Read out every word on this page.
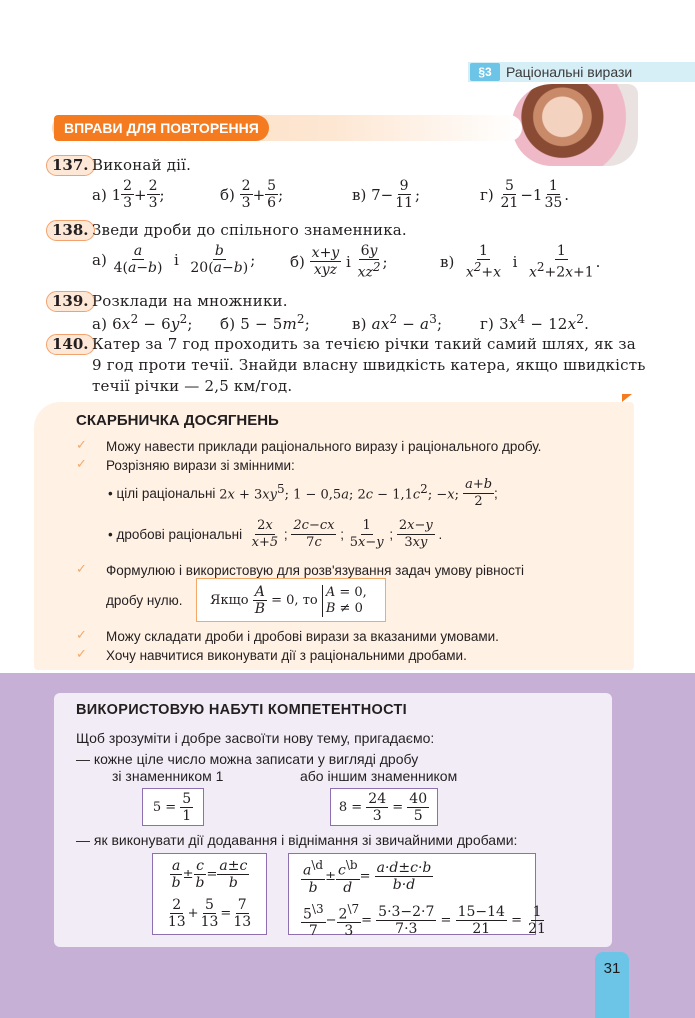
§3	Раціональні вирази
ВПРАВИ ДЛЯ ПОВТОРЕННЯ
137. Виконай дії.
а) 1 2
3 + 2
3 ;	б)
2
3 + 5
6 ;	в) 7− 9
11 ;	г)
5
21 −1 1
35 .
138. Зведи дроби до спільного знаменника.
а)
a
4(a−b)
і
	b
20(a−b) ; б)
x+y
xyz
і

6y
$xz^2$ ;	в)

1
$x^2+x$

і

1
$x^2+2x+1$
.
139. Розклади на множники.
а) $6x^2 - 6y^2$; б) $5 - 5m^2$;	в) $ax^2 - a^3$;	г) $3x^4 - 12x^2$.
140. Катер за 7 год проходить за течією річки такий самий шлях, як за
9 год проти течії. Знайди власну швидкість катера, якщо швидкість
течії річки — 2,5 км/год.
СКАРБНИЧКА ДОСЯГНЕНЬ
✓ Можу навести приклади раціонального виразу і раціонального дробу.
✓ Розрізняю вирази зі змінними:
• цілі раціональні
$2x + 3xy^5$; 1 − 0,5a; $2c - 1,1c^2$; −x;
a+b
2
;
• дробові раціональні

2x
x+5
;
2c−cx
7c
;
1
5x−y
;
2x−y
3xy
.
✓ Формулюю і використовую для розв'язування задач умову рівності
дробу нулю. Якщо

A
B
= 0, то

A = 0,
B ≠ 0
✓ Можу складати дроби і дробові вирази за вказаними умовами.
✓ Хочу навчитися виконувати дії з раціональними дробами.
ВИКОРИСТОВУЮ НАБУТІ КОМПЕТЕНТНОСТІ
Щоб зрозуміти і добре засвоїти нову тему, пригадаємо:
— кожне ціле число можна записати у вигляді дробу
зі знаменником 1	або іншим знаменником
5 =
5
1
8 =
24
3
=
40
5
— як виконувати дії додавання і віднімання зі звичайними дробами:
a
b
±
c
b
=
a±c
b
2
13
+
5
13
=
7
13
$a^{\backslash d}$
b
± $c^{\backslash b}$
d
=
a·d±c·b
b·d
$5^{\backslash 3}$
7
− $2^{\backslash 7}$
3
=
5·3−2·7
7·3
=
15−14
21
=
1
21
31
